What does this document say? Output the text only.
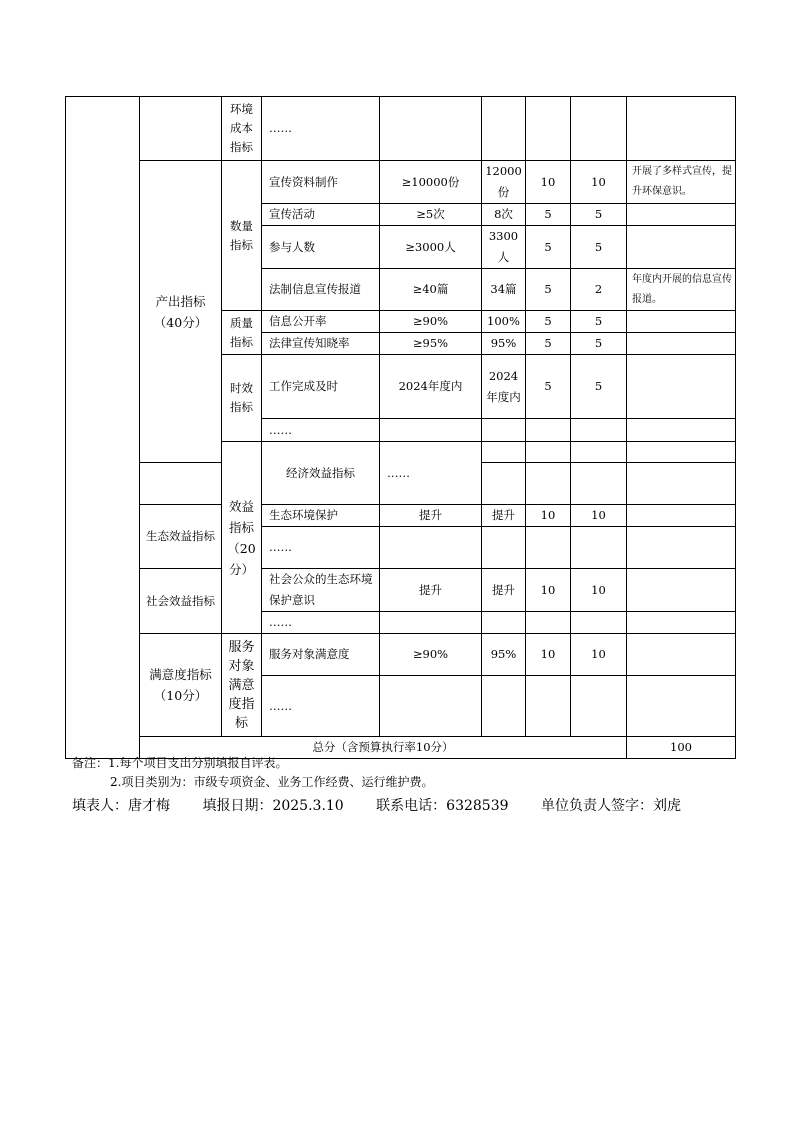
		环境成本指标	……						
	产出指标（40分）	数量指标	宣传资料制作	≥10000份	12000份	10	10	开展了多样式宣传，提升环保意识。	
			宣传活动	≥5次	8次	5	5		
			参与人数	≥3000人	3300人	5	5		
			法制信息宣传报道	≥40篇	34篇	5	2	年度内开展的信息宣传报道。	
		质量指标	信息公开率	≥90%	100%	5	5		
			法律宣传知晓率	≥95%	95%	5	5		
		时效指标	工作完成及时	2024年度内	2024年度内	5	5		
			……						
		效益指标（20分）	经济效益指标	……					

	生态效益指标		生态环境保护	提升	提升	10	10		
			……						
	社会效益指标		社会公众的生态环境保护意识	提升	提升	10	10		
			……						
	满意度指标（10分）	服务对象满意度指标	服务对象满意度	≥90%	95%	10	10		
			……						
	总分（含预算执行率10分）							100	
备注：1.每个项目支出分别填报自评表。
2.项目类别为：市级专项资金、业务工作经费、运行维护费。
填表人：唐才梅 填报日期：2025.3.10 联系电话：6328539 单位负责人签字：刘虎
